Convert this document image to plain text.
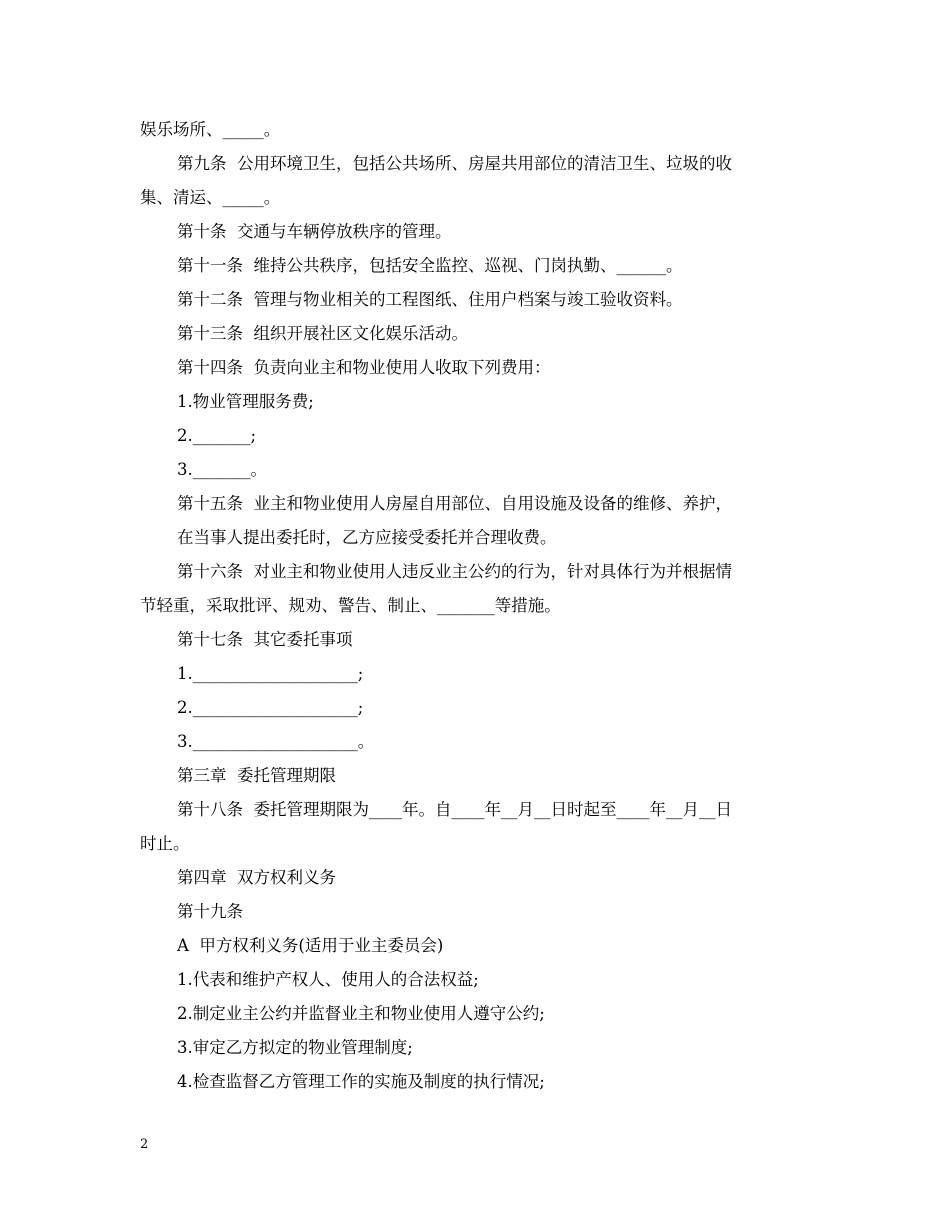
娱乐场所、_____。
第九条  公用环境卫生，包括公共场所、房屋共用部位的清洁卫生、垃圾的收
集、清运、_____。
第十条  交通与车辆停放秩序的管理。
第十一条  维持公共秩序，包括安全监控、巡视、门岗执勤、______。
第十二条  管理与物业相关的工程图纸、住用户档案与竣工验收资料。
第十三条  组织开展社区文化娱乐活动。
第十四条  负责向业主和物业使用人收取下列费用：
1.物业管理服务费;
2._______;
3._______。
第十五条  业主和物业使用人房屋自用部位、自用设施及设备的维修、养护，
在当事人提出委托时，乙方应接受委托并合理收费。
第十六条  对业主和物业使用人违反业主公约的行为，针对具体行为并根据情
节轻重，采取批评、规劝、警告、制止、_______等措施。
第十七条  其它委托事项
1.____________________;
2.____________________;
3.____________________。
第三章  委托管理期限
第十八条  委托管理期限为____年。自____年__月__日时起至____年__月__日
时止。
第四章  双方权利义务
第十九条
A  甲方权利义务(适用于业主委员会)
1.代表和维护产权人、使用人的合法权益;
2.制定业主公约并监督业主和物业使用人遵守公约;
3.审定乙方拟定的物业管理制度;
4.检查监督乙方管理工作的实施及制度的执行情况;
2
